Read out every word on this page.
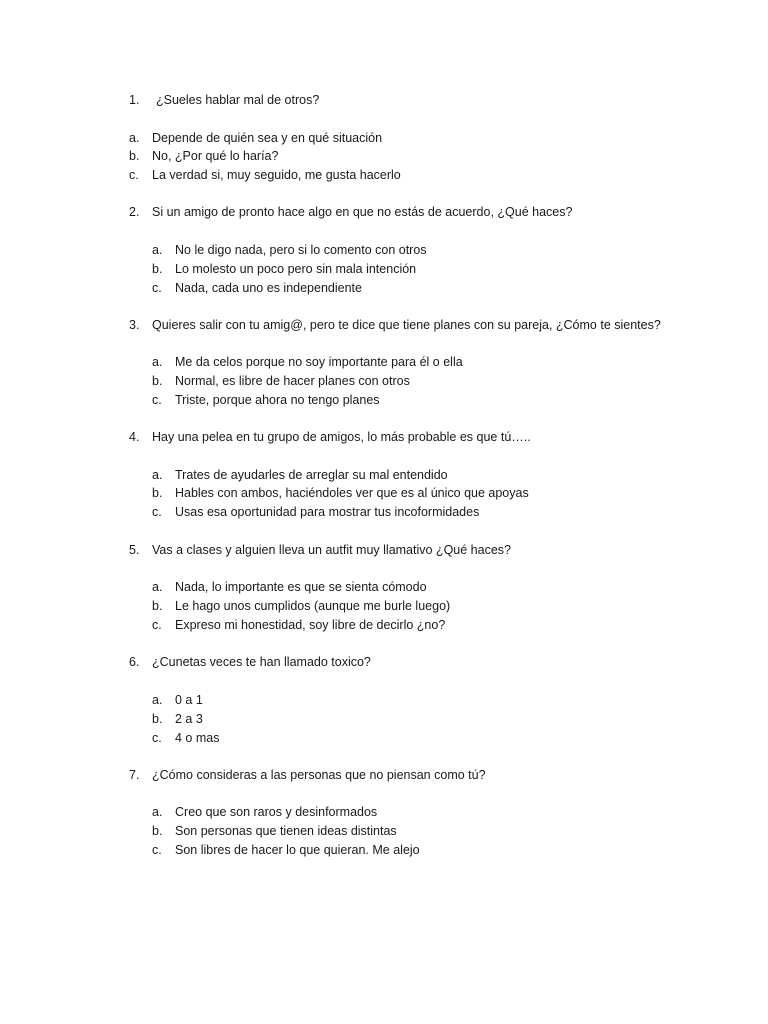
1. ¿Sueles hablar mal de otros?
a. Depende de quién sea y en qué situación
b. No, ¿Por qué lo haría?
c. La verdad si, muy seguido, me gusta hacerlo
2. Si un amigo de pronto hace algo en que no estás de acuerdo, ¿Qué haces?
a. No le digo nada, pero si lo comento con otros
b. Lo molesto un poco pero sin mala intención
c. Nada, cada uno es independiente
3. Quieres salir con tu amig@, pero te dice que tiene planes con su pareja, ¿Cómo te sientes?
a. Me da celos porque no soy importante para él o ella
b. Normal, es libre de hacer planes con otros
c. Triste, porque ahora no tengo planes
4. Hay una pelea en tu grupo de amigos, lo más probable es que tú…..
a. Trates de ayudarles de arreglar su mal entendido
b. Hables con ambos, haciéndoles ver que es al único que apoyas
c. Usas esa oportunidad para mostrar tus incoformidades
5. Vas a clases y alguien lleva un autfit muy llamativo ¿Qué haces?
a. Nada, lo importante es que se sienta cómodo
b. Le hago unos cumplidos (aunque me burle luego)
c. Expreso mi honestidad, soy libre de decirlo ¿no?
6. ¿Cunetas veces te han llamado toxico?
a. 0 a 1
b. 2 a 3
c. 4 o mas
7. ¿Cómo consideras a las personas que no piensan como tú?
a. Creo que son raros y desinformados
b. Son personas que tienen ideas distintas
c. Son libres de hacer lo que quieran. Me alejo
